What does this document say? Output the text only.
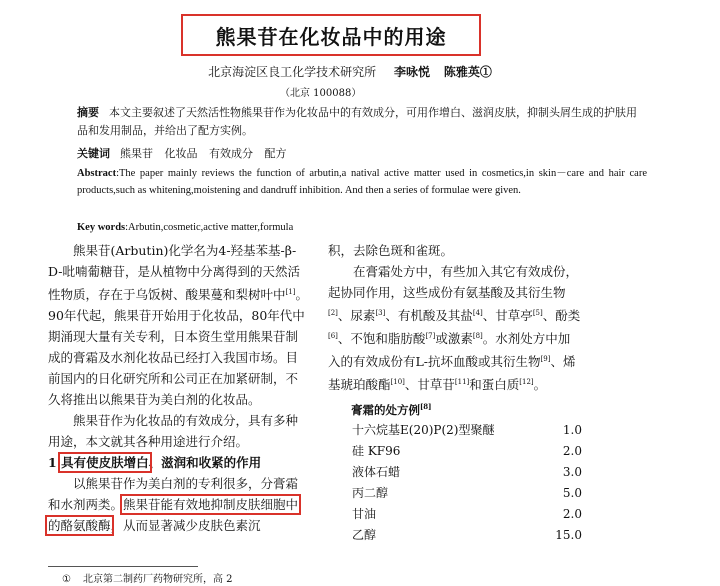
熊果苷在化妆品中的用途
北京海淀区良工化学技术研究所 李咏悦 陈雅英①
（北京 100088）
摘要 本文主要叙述了天然活性物熊果苷作为化妆品中的有效成分，可用作增白、滋润皮肤，抑制头屑生成的护肤用品和发用制品，并给出了配方实例。
关键词 熊果苷 化妆品 有效成分 配方
Abstract:The paper mainly reviews the function of arbutin,a natival active matter used in cosmetics,in skin－care and hair care products,such as whitening,moistening and dandruff inhibition. And then a series of formulae were given.
Key words:Arbutin,cosmetic,active matter,formula

熊果苷(Arbutin)化学名为4-羟基苯基-β-D-吡喃葡糖苷，是从植物中分离得到的天然活性物质，存在于乌饭树、酸果蔓和梨树叶中[1]。90年代起，熊果苷开始用于化妆品，80年代中期涌现大量有关专利，日本资生堂用熊果苷制成的膏霜及水剂化妆品已经打入我国市场。目前国内的日化研究所和公司正在加紧研制，不久将推出以熊果苷为美白剂的化妆品。

熊果苷作为化妆品的有效成分，具有多种用途，本文就其各种用途进行介绍。

1 具有使皮肤增白、滋润和收紧的作用

以熊果苷作为美白剂的专利很多，分膏霜和水剂两类。熊果苷能有效地抑制皮肤细胞中的酪氨酸酶，从而显著减少皮肤色素沉

积，去除色斑和雀斑。

在膏霜处方中，有些加入其它有效成份，起协同作用，这些成份有氨基酸及其衍生物[2]、尿素[3]、有机酸及其盐[4]、甘草亭[5]、酚类[6]、不饱和脂肪酸[7]或激素[8]。水剂处方中加入的有效成份有L-抗坏血酸或其衍生物[9]、烯基琥珀酸酯[10]、甘草苷[11]和蛋白质[12]。

膏霜的处方例[8]

十六烷基E(20)P(2)型聚醚	1.0
硅 KF96	2.0
液体石蜡	3.0
丙二醇	5.0
甘油	2.0
乙醇	15.0
① 北京第二制药厂药物研究所，高 2
